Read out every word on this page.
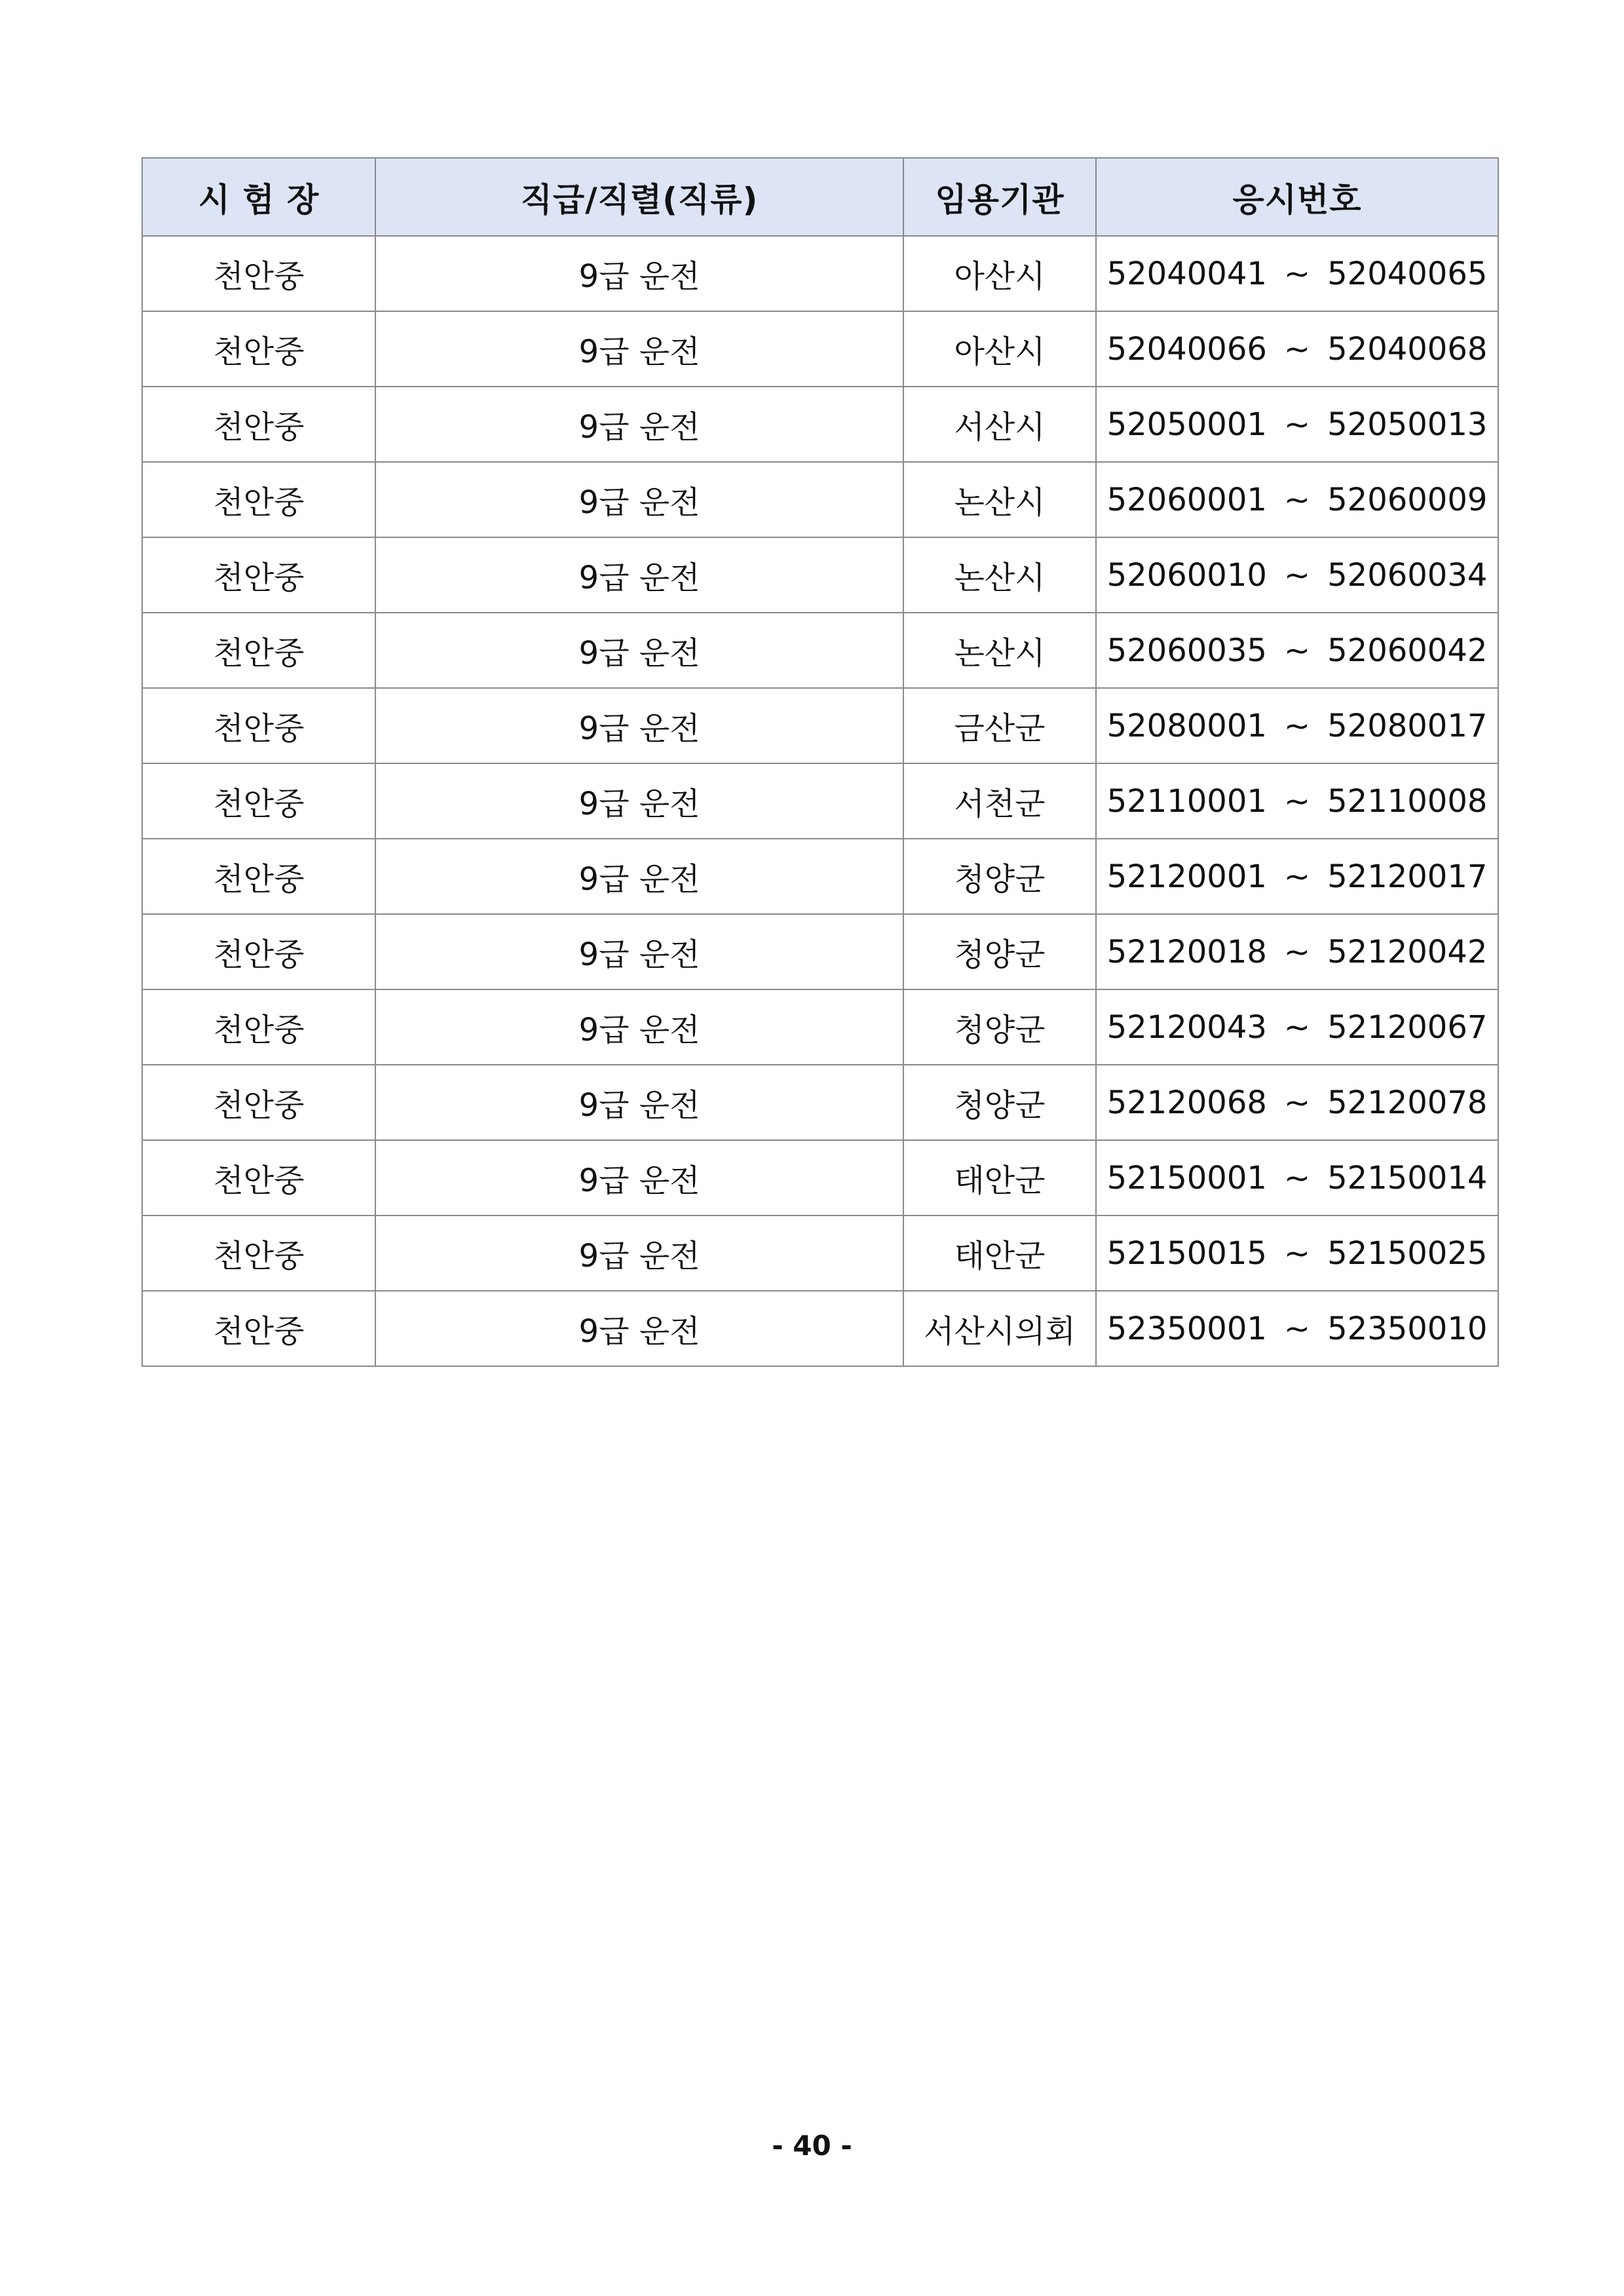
시 험 장	직급/직렬(직류)	임용기관	응시번호
천안중	9급 운전	아산시	52040041 ~ 52040065
천안중	9급 운전	아산시	52040066 ~ 52040068
천안중	9급 운전	서산시	52050001 ~ 52050013
천안중	9급 운전	논산시	52060001 ~ 52060009
천안중	9급 운전	논산시	52060010 ~ 52060034
천안중	9급 운전	논산시	52060035 ~ 52060042
천안중	9급 운전	금산군	52080001 ~ 52080017
천안중	9급 운전	서천군	52110001 ~ 52110008
천안중	9급 운전	청양군	52120001 ~ 52120017
천안중	9급 운전	청양군	52120018 ~ 52120042
천안중	9급 운전	청양군	52120043 ~ 52120067
천안중	9급 운전	청양군	52120068 ~ 52120078
천안중	9급 운전	태안군	52150001 ~ 52150014
천안중	9급 운전	태안군	52150015 ~ 52150025
천안중	9급 운전	서산시의회	52350001 ~ 52350010
- 40 -
